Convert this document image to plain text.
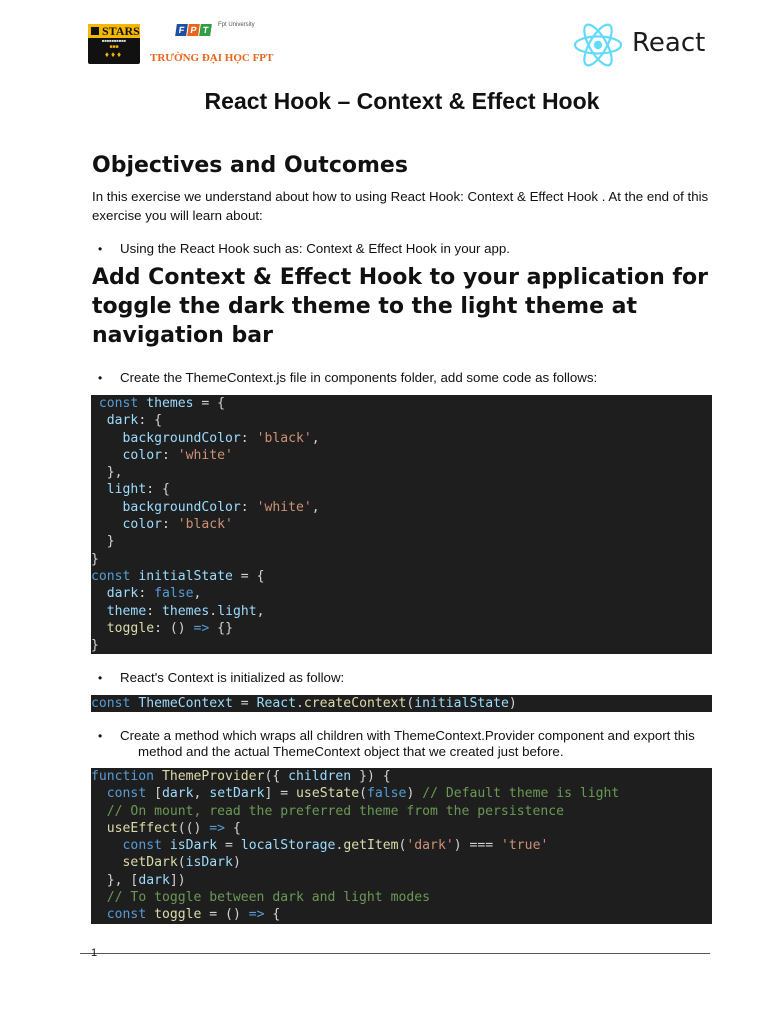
STARS
■■■■■■■■■■
■■■
♦♦♦
F P T	Fpt University
TRƯỜNG ĐẠI HỌC FPT	React
React Hook – Context & Effect Hook
Objectives and Outcomes

In this exercise we understand about how to using React Hook: Context & Effect Hook . At the end of this exercise you will learn about:

• Using the React Hook such as: Context & Effect Hook in your app.

Add Context & Effect Hook to your application for toggle the dark theme to the light theme at navigation bar

• Create the ThemeContext.js file in components folder, add some code as follows:

const themes = {
dark: {
backgroundColor: 'black',
color: 'white'
},
light: {
backgroundColor: 'white',
color: 'black'
}
}
const initialState = {
dark: false,
theme: themes.light,
toggle: () => {}
}

• React's Context is initialized as follow:

const ThemeContext = React.createContext(initialState)

• Create a method which wraps all children with ThemeContext.Provider component and export this
method and the actual ThemeContext object that we created just before.

function ThemeProvider({ children }) {
const [dark, setDark] = useState(false) // Default theme is light
// On mount, read the preferred theme from the persistence
useEffect(() => {
const isDark = localStorage.getItem('dark') === 'true'
setDark(isDark)
}, [dark])
// To toggle between dark and light modes
const toggle = () => {
1
